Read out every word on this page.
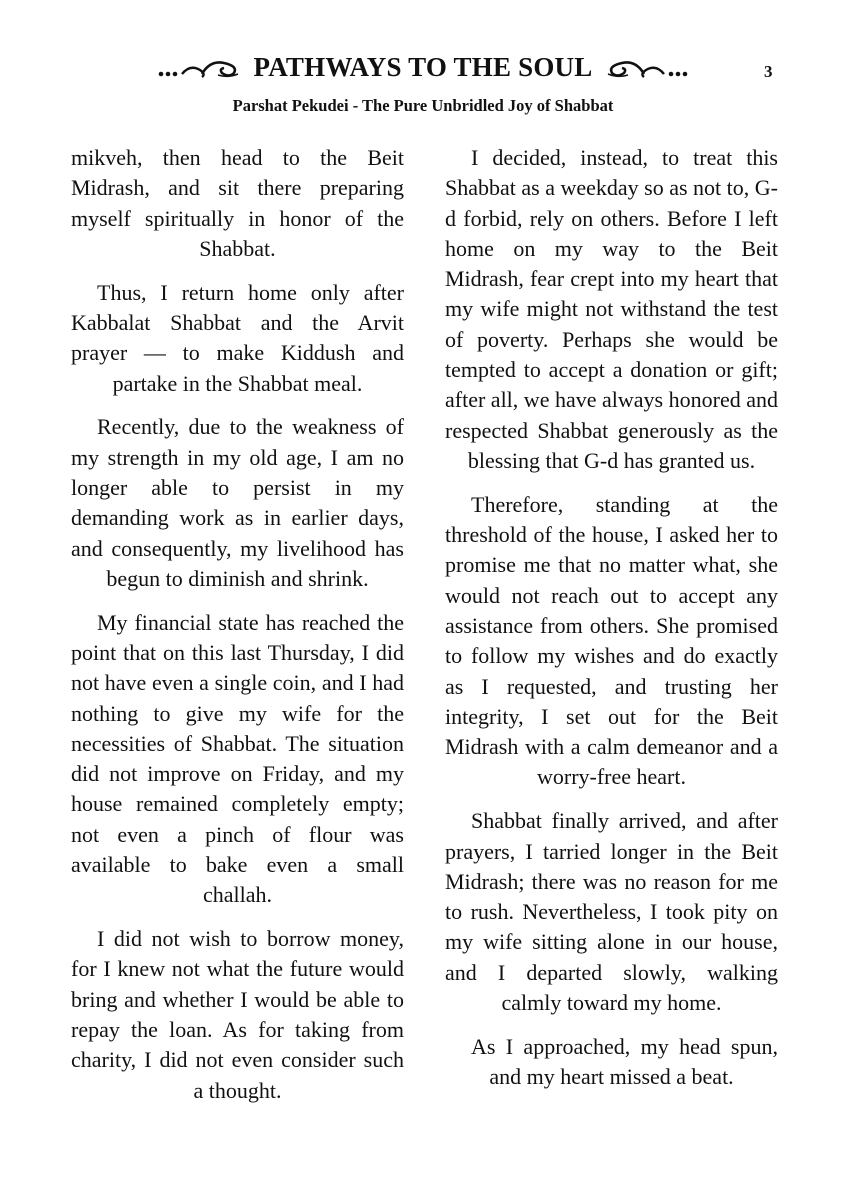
PATHWAYS TO THE SOUL	3
Parshat Pekudei - The Pure Unbridled Joy of Shabbat

mikveh, then head to the Beit Midrash, and sit there preparing myself spiritually in honor of the Shabbat.

Thus, I return home only after Kabbalat Shabbat and the Arvit prayer — to make Kiddush and partake in the Shabbat meal.

Recently, due to the weakness of my strength in my old age, I am no longer able to persist in my demanding work as in earlier days, and consequently, my livelihood has begun to diminish and shrink.

My financial state has reached the point that on this last Thursday, I did not have even a single coin, and I had nothing to give my wife for the necessities of Shabbat. The situation did not improve on Friday, and my house remained completely empty; not even a pinch of flour was available to bake even a small challah.

I did not wish to borrow money, for I knew not what the future would bring and whether I would be able to repay the loan. As for taking from charity, I did not even consider such a thought.

I decided, instead, to treat this Shabbat as a weekday so as not to, G-d forbid, rely on others. Before I left home on my way to the Beit Midrash, fear crept into my heart that my wife might not withstand the test of poverty. Perhaps she would be tempted to accept a donation or gift; after all, we have always honored and respected Shabbat generously as the blessing that G-d has granted us.

Therefore, standing at the threshold of the house, I asked her to promise me that no matter what, she would not reach out to accept any assistance from others. She promised to follow my wishes and do exactly as I requested, and trusting her integrity, I set out for the Beit Midrash with a calm demeanor and a worry-free heart.

Shabbat finally arrived, and after prayers, I tarried longer in the Beit Midrash; there was no reason for me to rush. Nevertheless, I took pity on my wife sitting alone in our house, and I departed slowly, walking calmly toward my home.

As I approached, my head spun, and my heart missed a beat.
